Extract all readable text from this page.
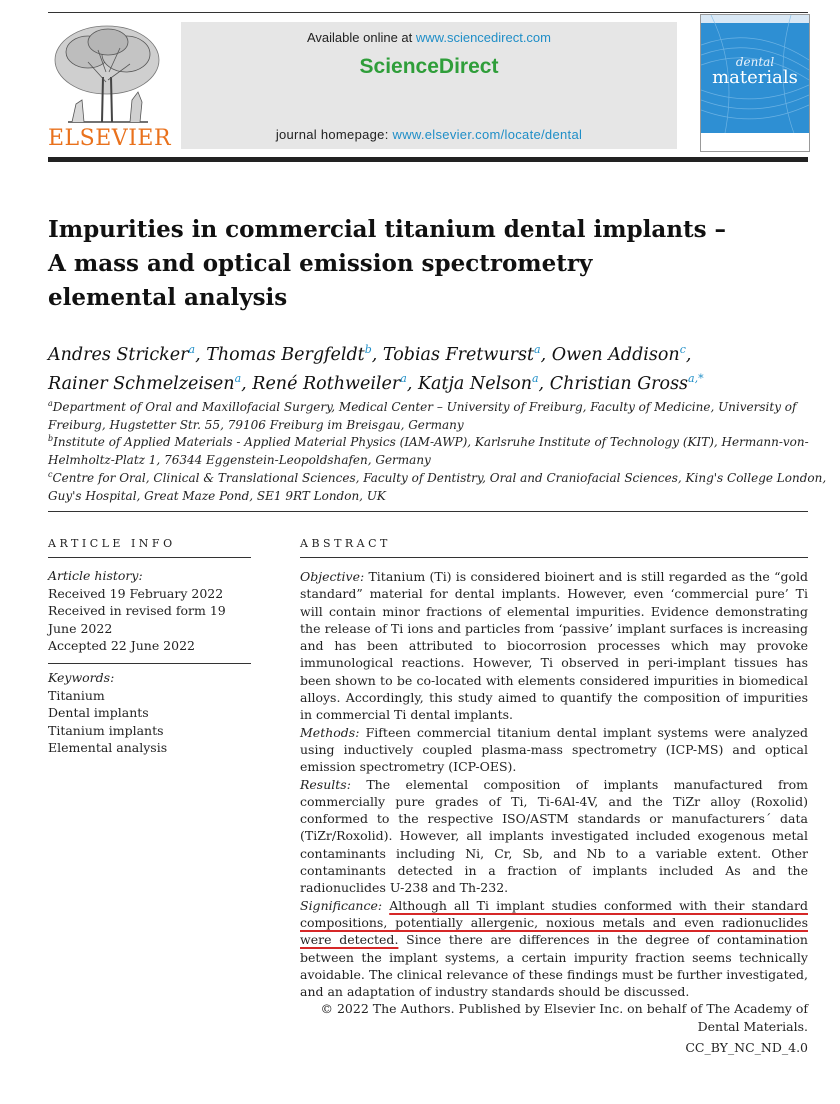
ELSEVIER
Available online at www.sciencedirect.com
ScienceDirect
journal homepage: www.elsevier.com/locate/dental
dental
materials
Impurities in commercial titanium dental implants – A mass and optical emission spectrometry elemental analysis
Andres Stricker$^a$, Thomas Bergfeldt$^b$, Tobias Fretwurst$^a$, Owen Addison$^c$,
Rainer Schmelzeisen$^a$, René Rothweiler$^a$, Katja Nelson$^a$, Christian Gross$^{a,*}$
$^a$Department of Oral and Maxillofacial Surgery, Medical Center – University of Freiburg, Faculty of Medicine, University of Freiburg, Hugstetter Str. 55, 79106 Freiburg im Breisgau, Germany
$^b$Institute of Applied Materials - Applied Material Physics (IAM-AWP), Karlsruhe Institute of Technology (KIT), Hermann-von-Helmholtz-Platz 1, 76344 Eggenstein-Leopoldshafen, Germany
$^c$Centre for Oral, Clinical & Translational Sciences, Faculty of Dentistry, Oral and Craniofacial Sciences, King's College London, Guy's Hospital, Great Maze Pond, SE1 9RT London, UK
ARTICLE INFO
Article history:
Received 19 February 2022
Received in revised form 19 June 2022
Accepted 22 June 2022
Keywords:
Titanium
Dental implants
Titanium implants
Elemental analysis
ABSTRACT

Objective: Titanium (Ti) is considered bioinert and is still regarded as the “gold standard” material for dental implants. However, even ‘commercial pure’ Ti will contain minor fractions of elemental impurities. Evidence demonstrating the release of Ti ions and particles from ‘passive’ implant surfaces is increasing and has been attributed to biocorrosion processes which may provoke immunological reactions. However, Ti observed in peri-implant tissues has been shown to be co-located with elements considered impurities in biomedical alloys. Accordingly, this study aimed to quantify the composition of impurities in commercial Ti dental implants.

Methods: Fifteen commercial titanium dental implant systems were analyzed using inductively coupled plasma-mass spectrometry (ICP-MS) and optical emission spectrometry (ICP-OES).

Results: The elemental composition of implants manufactured from commercially pure grades of Ti, Ti-6Al-4V, and the TiZr alloy (Roxolid) conformed to the respective ISO/ASTM standards or manufacturers´ data (TiZr/Roxolid). However, all implants investigated included exogenous metal contaminants including Ni, Cr, Sb, and Nb to a variable extent. Other contaminants detected in a fraction of implants included As and the radionuclides U-238 and Th-232.

Significance: Although all Ti implant studies conformed with their standard compositions, potentially allergenic, noxious metals and even radionuclides were detected. Since there are differences in the degree of contamination between the implant systems, a certain impurity fraction seems technically avoidable. The clinical relevance of these findings must be further investigated, and an adaptation of industry standards should be discussed.

© 2022 The Authors. Published by Elsevier Inc. on behalf of The Academy of Dental Materials.

CC_BY_NC_ND_4.0
